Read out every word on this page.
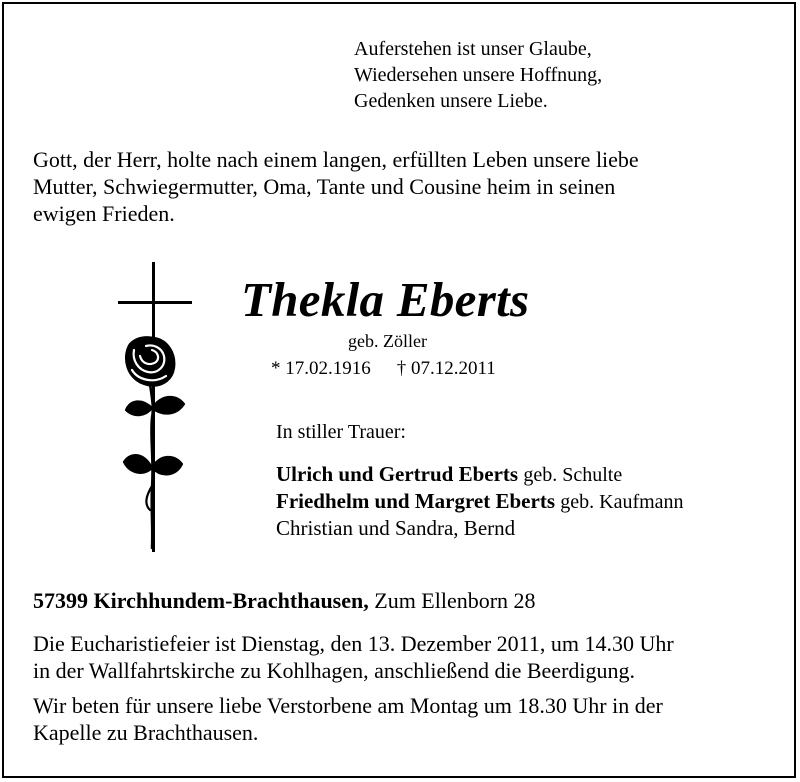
Auferstehen ist unser Glaube,
Wiedersehen unsere Hoffnung,
Gedenken unsere Liebe.
Gott, der Herr, holte nach einem langen, erfüllten Leben unsere liebe
Mutter, Schwiegermutter, Oma, Tante und Cousine heim in seinen
ewigen Frieden.
Thekla Eberts
geb. Zöller
* 17.02.1916 † 07.12.2011
In stiller Trauer:
Ulrich und Gertrud Eberts geb. Schulte
Friedhelm und Margret Eberts geb. Kaufmann
Christian und Sandra, Bernd
57399 Kirchhundem-Brachthausen, Zum Ellenborn 28
Die Eucharistiefeier ist Dienstag, den 13. Dezember 2011, um 14.30 Uhr
in der Wallfahrtskirche zu Kohlhagen, anschließend die Beerdigung.
Wir beten für unsere liebe Verstorbene am Montag um 18.30 Uhr in der
Kapelle zu Brachthausen.
